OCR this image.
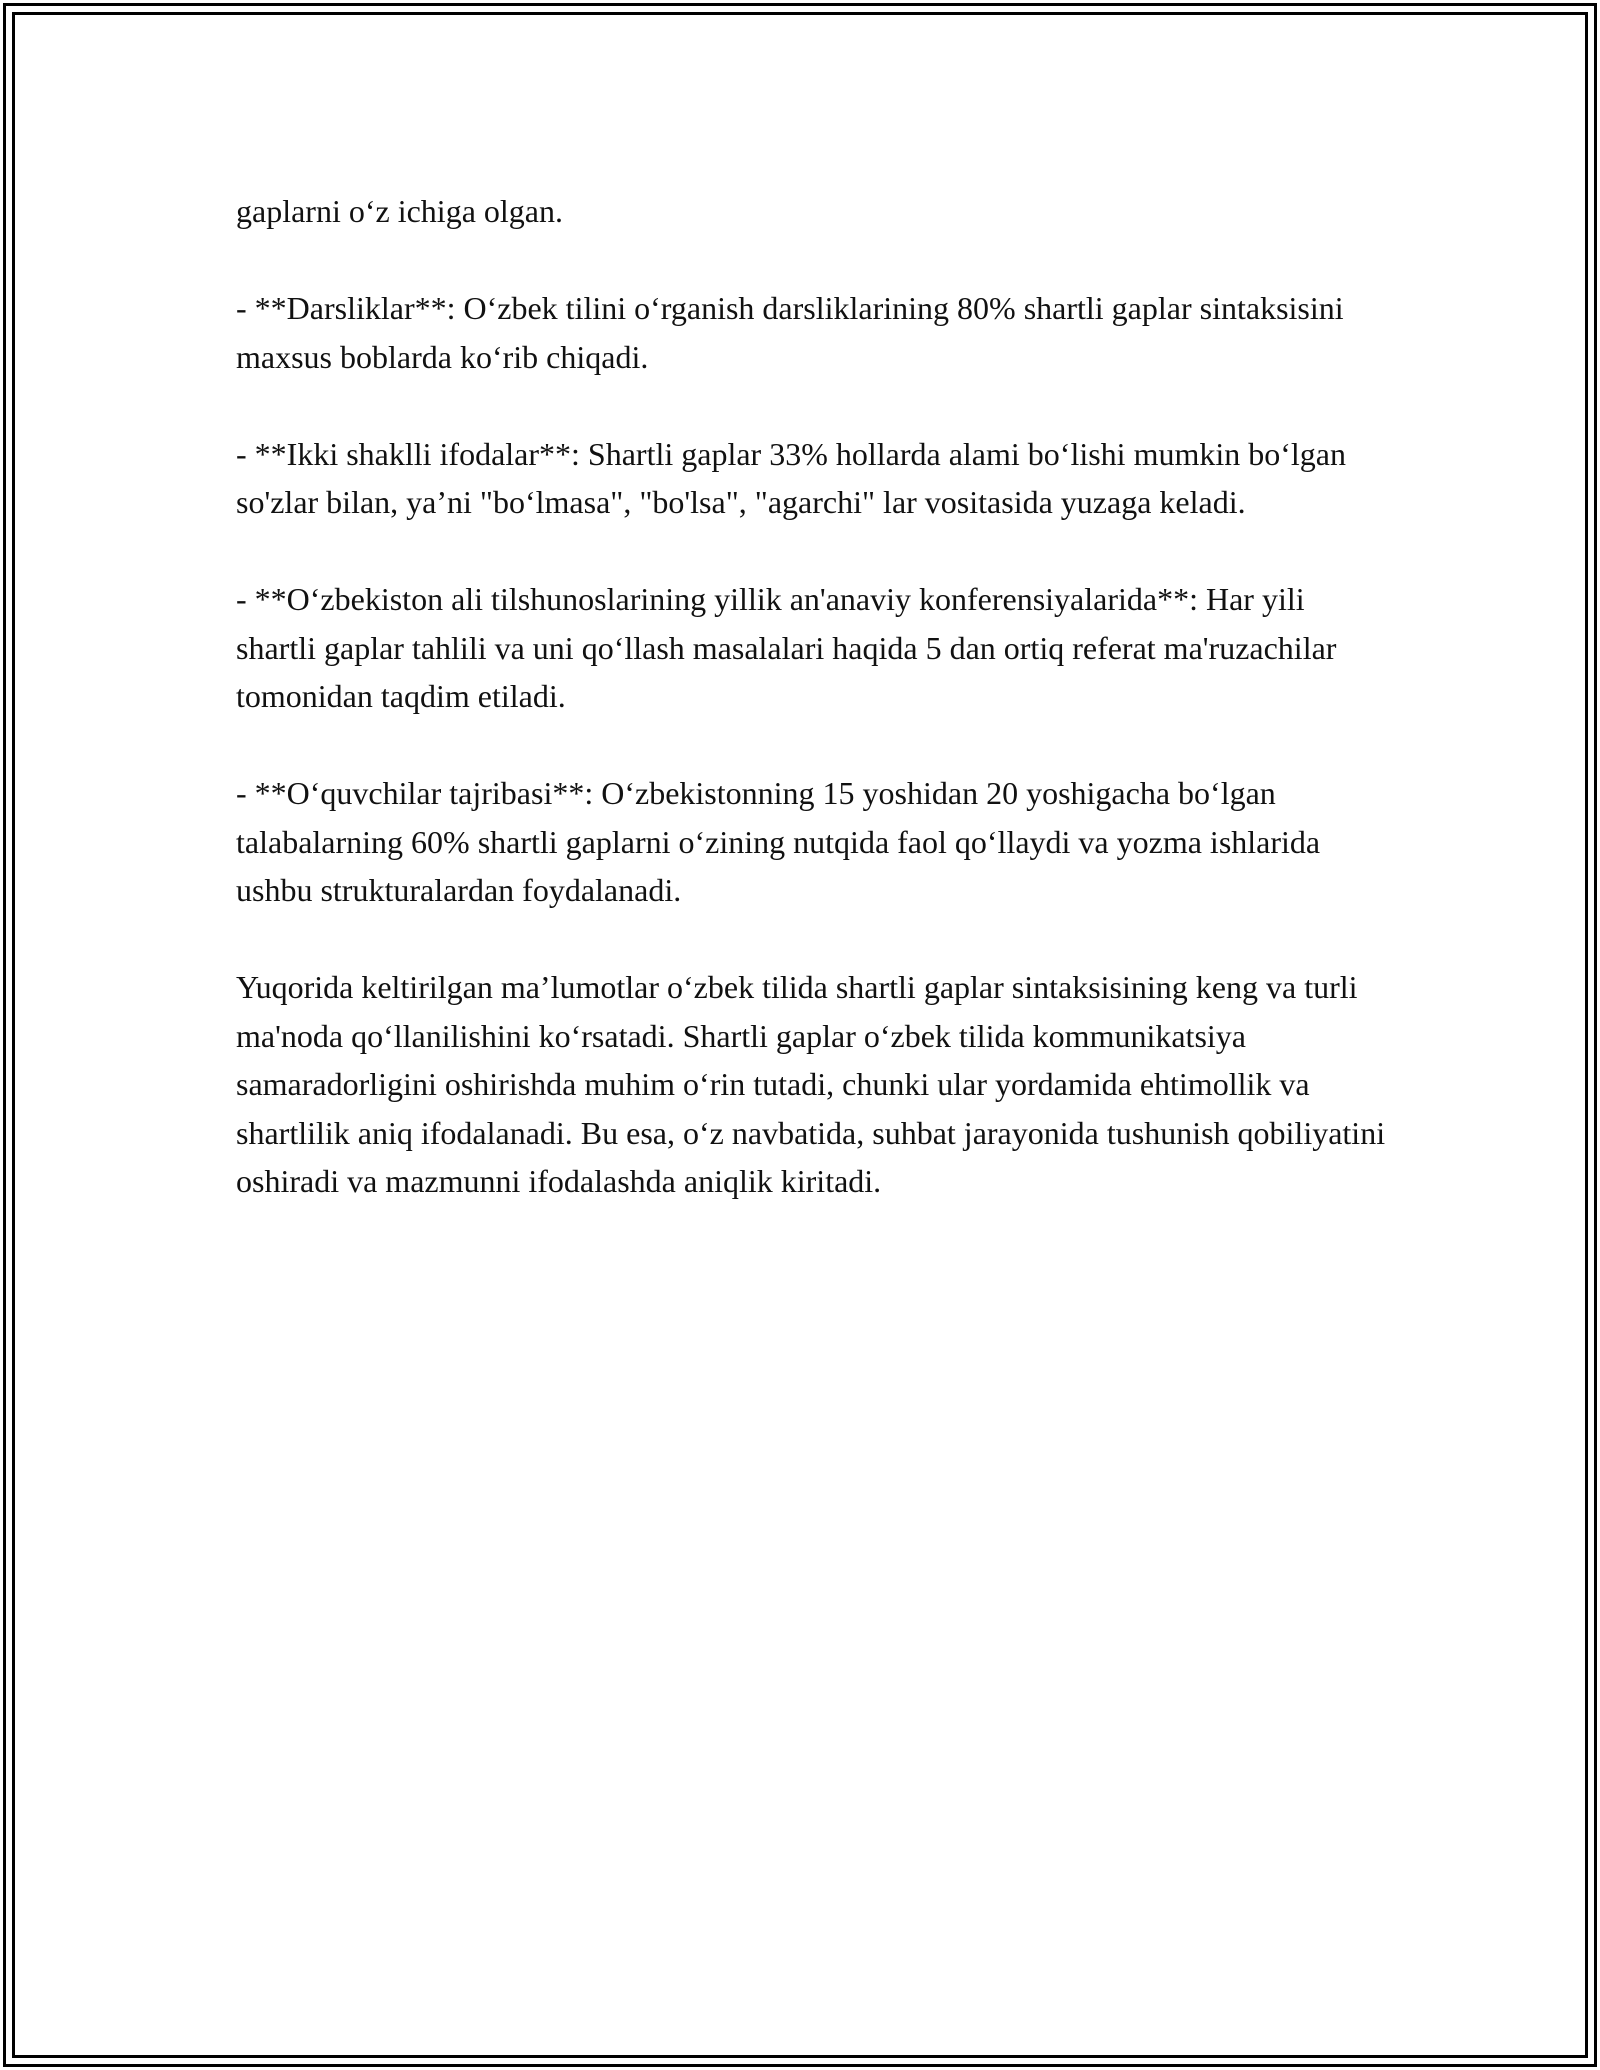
gaplarni o‘z ichiga olgan.

- **Darsliklar**: O‘zbek tilini o‘rganish darsliklarining 80% shartli gaplar sintaksisini maxsus boblarda ko‘rib chiqadi.

- **Ikki shaklli ifodalar**: Shartli gaplar 33% hollarda alami bo‘lishi mumkin bo‘lgan so'zlar bilan, ya’ni "bo‘lmasa", "bo'lsa", "agarchi" lar vositasida yuzaga keladi.

- **O‘zbekiston ali tilshunoslarining yillik an'anaviy konferensiyalarida**: Har yili shartli gaplar tahlili va uni qo‘llash masalalari haqida 5 dan ortiq referat ma'ruzachilar tomonidan taqdim etiladi.

- **O‘quvchilar tajribasi**: O‘zbekistonning 15 yoshidan 20 yoshigacha bo‘lgan talabalarning 60% shartli gaplarni o‘zining nutqida faol qo‘llaydi va yozma ishlarida ushbu strukturalardan foydalanadi.

Yuqorida keltirilgan ma’lumotlar o‘zbek tilida shartli gaplar sintaksisining keng va turli ma'noda qo‘llanilishini ko‘rsatadi. Shartli gaplar o‘zbek tilida kommunikatsiya samaradorligini oshirishda muhim o‘rin tutadi, chunki ular yordamida ehtimollik va shartlilik aniq ifodalanadi. Bu esa, o‘z navbatida, suhbat jarayonida tushunish qobiliyatini oshiradi va mazmunni ifodalashda aniqlik kiritadi.
